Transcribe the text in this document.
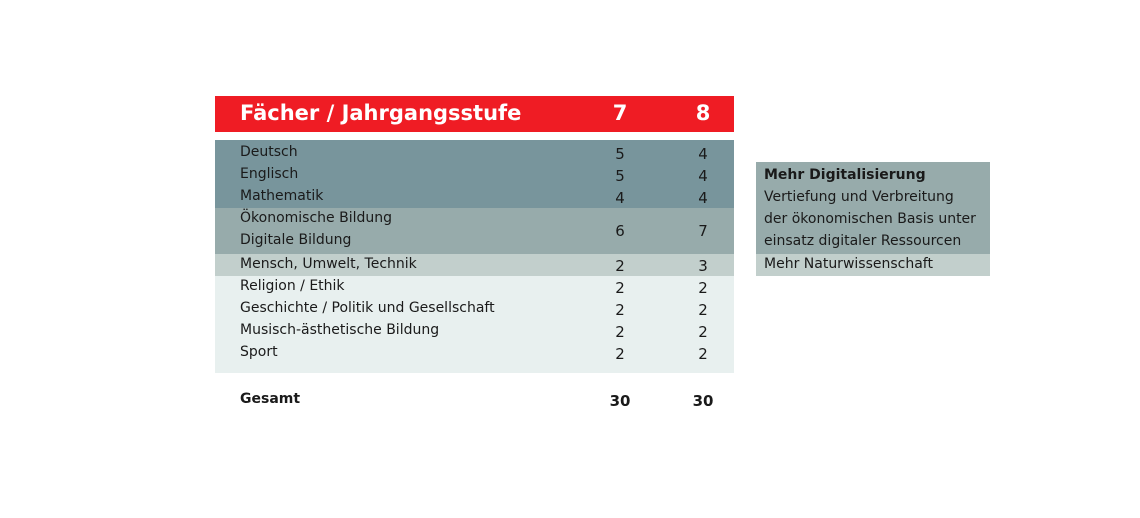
Fächer / Jahrgangsstufe	7	8
Deutsch	5	4
Englisch	5	4
Mathematik	4	4
Ökonomische Bildung
Digitale Bildung	6	7
Mensch, Umwelt, Technik	2	3
Religion / Ethik	2	2
Geschichte / Politik und Gesellschaft	2	2
Musisch-ästhetische Bildung	2	2
Sport	2	2
Gesamt	30	30
Mehr Digitalisierung
Vertiefung und Verbreitung
der ökonomischen Basis unter
einsatz digitaler Ressourcen
Mehr Naturwissenschaft
